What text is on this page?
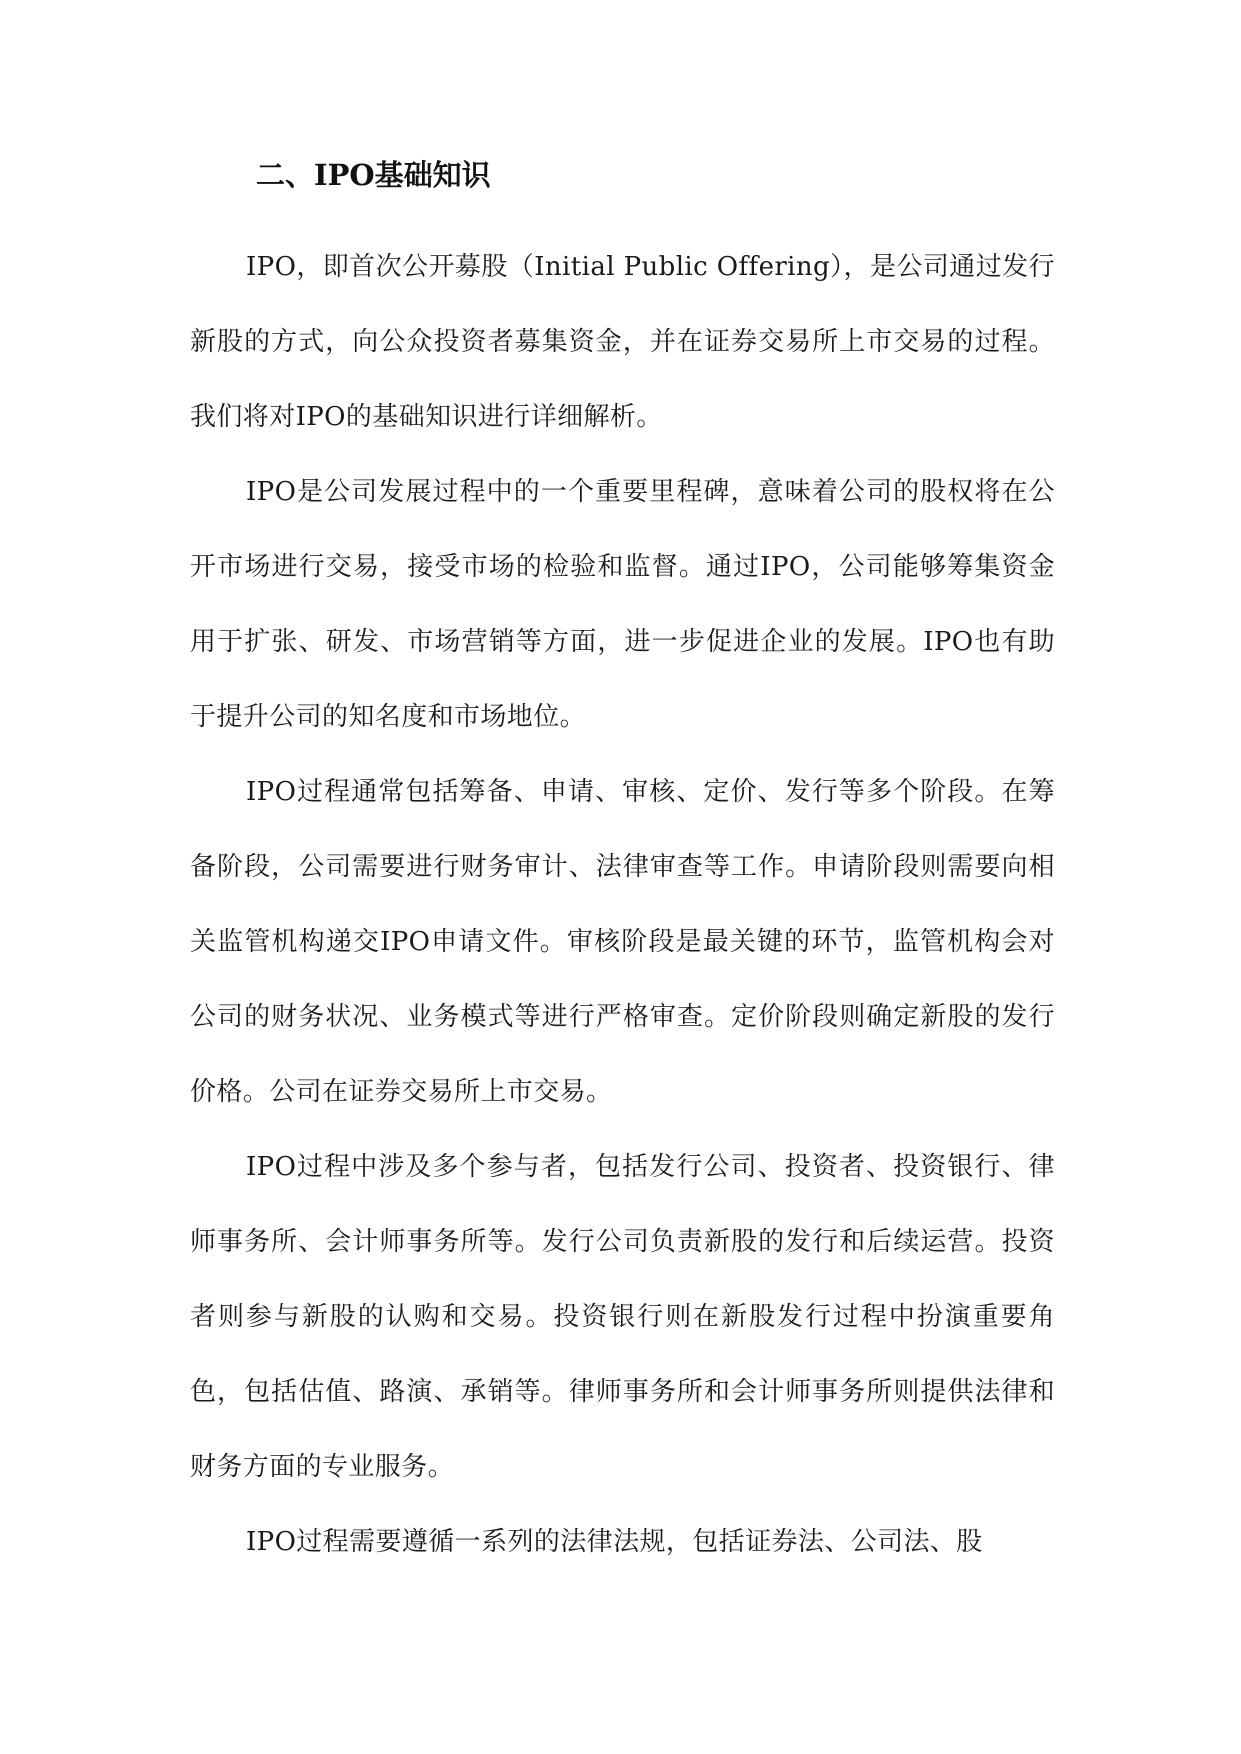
二、IPO基础知识

IPO，即首次公开募股（Initial Public Offering），是公司通过发行新股的方式，向公众投资者募集资金，并在证券交易所上市交易的过程。我们将对IPO的基础知识进行详细解析。

IPO是公司发展过程中的一个重要里程碑，意味着公司的股权将在公开市场进行交易，接受市场的检验和监督。通过IPO，公司能够筹集资金用于扩张、研发、市场营销等方面，进一步促进企业的发展。IPO也有助于提升公司的知名度和市场地位。

IPO过程通常包括筹备、申请、审核、定价、发行等多个阶段。在筹备阶段，公司需要进行财务审计、法律审查等工作。申请阶段则需要向相关监管机构递交IPO申请文件。审核阶段是最关键的环节，监管机构会对公司的财务状况、业务模式等进行严格审查。定价阶段则确定新股的发行价格。公司在证券交易所上市交易。

IPO过程中涉及多个参与者，包括发行公司、投资者、投资银行、律师事务所、会计师事务所等。发行公司负责新股的发行和后续运营。投资者则参与新股的认购和交易。投资银行则在新股发行过程中扮演重要角色，包括估值、路演、承销等。律师事务所和会计师事务所则提供法律和财务方面的专业服务。

IPO过程需要遵循一系列的法律法规，包括证券法、公司法、股
